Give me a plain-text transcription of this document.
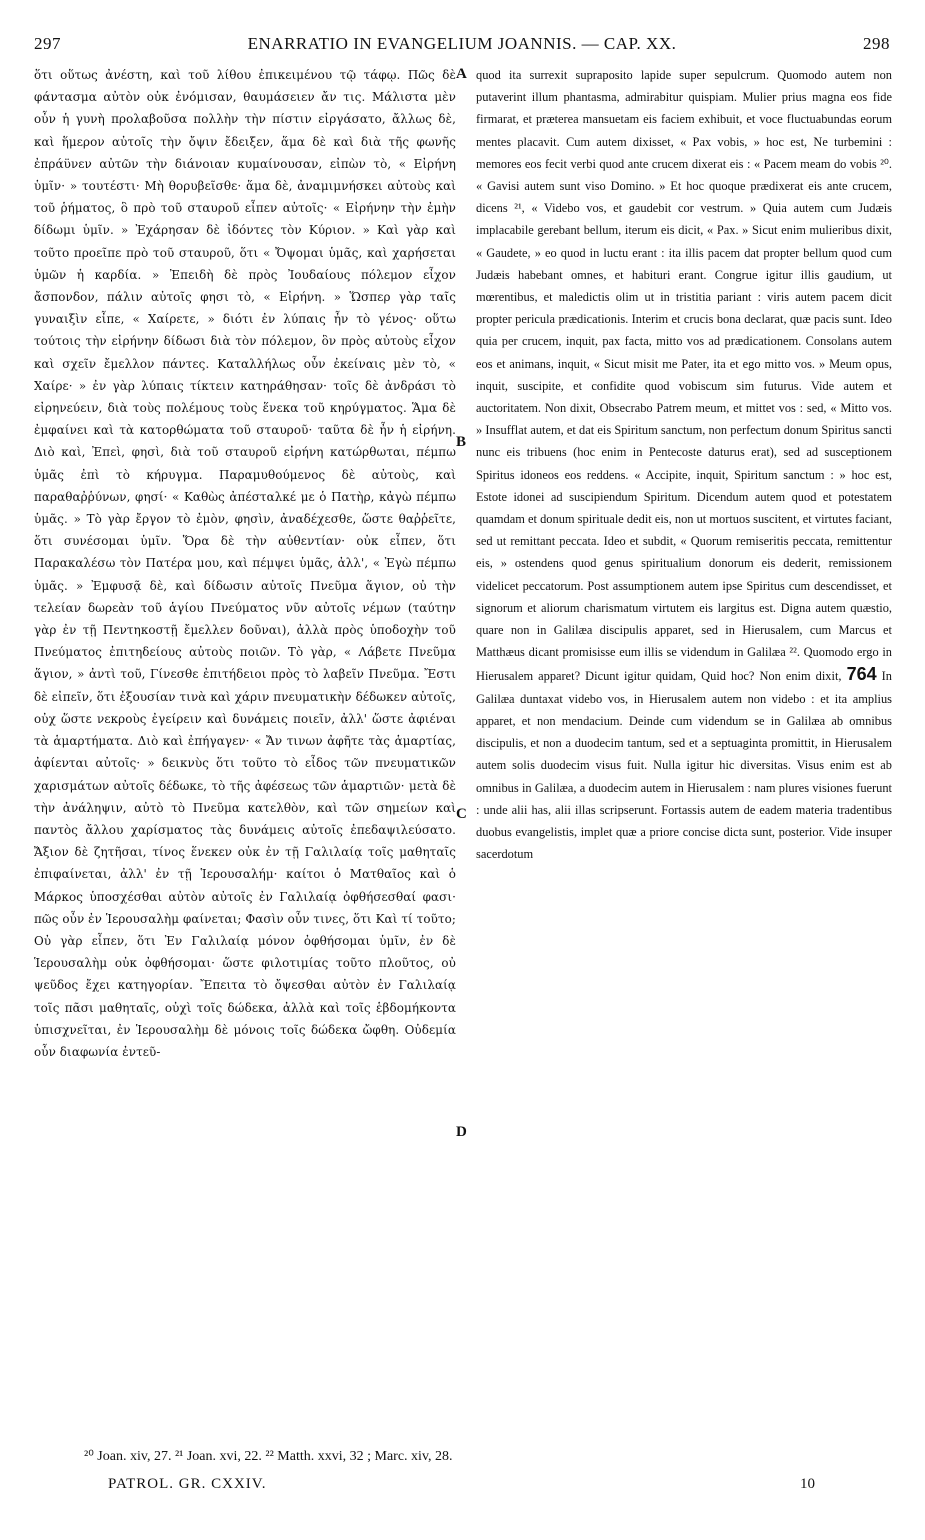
297	ENARRATIO IN EVANGELIUM JOANNIS. — CAP. XX.	298

ὅτι οὕτως ἀνέστη, καὶ τοῦ λίθου ἐπικειμένου τῷ τάφῳ. Πῶς δὲ φάντασμα αὐτὸν οὐκ ἐνόμισαν, θαυμάσειεν ἄν τις. Μάλιστα μὲν οὖν ἡ γυνὴ προλαβοῦσα πολλὴν τὴν πίστιν εἰργάσατο, ἄλλως δὲ, καὶ ἥμερον αὐτοῖς τὴν ὄψιν ἔδειξεν, ἅμα δὲ καὶ διὰ τῆς φωνῆς ἐπράϋνεν αὐτῶν τὴν διάνοιαν κυμαίνουσαν, εἰπὼν τὸ, « Εἰρήνη ὑμῖν· » τουτέστι· Μὴ θορυβεῖσθε· ἅμα δὲ, ἀναμιμνήσκει αὐτοὺς καὶ τοῦ ῥήματος, ὃ πρὸ τοῦ σταυροῦ εἶπεν αὐτοῖς· « Εἰρήνην τὴν ἐμὴν δίδωμι ὑμῖν. » Ἐχάρησαν δὲ ἰδόντες τὸν Κύριον. » Καὶ γὰρ καὶ τοῦτο προεῖπε πρὸ τοῦ σταυροῦ, ὅτι « Ὄψομαι ὑμᾶς, καὶ χαρήσεται ὑμῶν ἡ καρδία. » Ἐπειδὴ δὲ πρὸς Ἰουδαίους πόλεμον εἶχον ἄσπονδον, πάλιν αὐτοῖς φησι τὸ, « Εἰρήνη. » Ὥσπερ γὰρ ταῖς γυναιξὶν εἶπε, « Χαίρετε, » διότι ἐν λύπαις ἦν τὸ γένος· οὕτω τούτοις τὴν εἰρήνην δίδωσι διὰ τὸν πόλεμον, ὃν πρὸς αὐτοὺς εἶχον καὶ σχεῖν ἔμελλον πάντες. Καταλλήλως οὖν ἐκείναις μὲν τὸ, « Χαίρε· » ἐν γὰρ λύπαις τίκτειν κατηράθησαν· τοῖς δὲ ἀνδράσι τὸ εἰρηνεύειν, διὰ τοὺς πολέμους τοὺς ἕνεκα τοῦ κηρύγματος. Ἅμα δὲ ἐμφαίνει καὶ τὰ κατορθώματα τοῦ σταυροῦ· ταῦτα δὲ ἦν ἡ εἰρήνη. Διὸ καὶ, Ἐπεὶ, φησὶ, διὰ τοῦ σταυροῦ εἰρήνη κατώρθωται, πέμπω ὑμᾶς ἐπὶ τὸ κήρυγμα. Παραμυθούμενος δὲ αὐτοὺς, καὶ παραθαῤῥύνων, φησί· « Καθὼς ἀπέσταλκέ με ὁ Πατὴρ, κἀγὼ πέμπω ὑμᾶς. » Τὸ γὰρ ἔργον τὸ ἐμὸν, φησὶν, ἀναδέχεσθε, ὥστε θαῤῥεῖτε, ὅτι συνέσομαι ὑμῖν. Ὅρα δὲ τὴν αὐθεντίαν· οὐκ εἶπεν, ὅτι Παρακαλέσω τὸν Πατέρα μου, καὶ πέμψει ὑμᾶς, ἀλλ', « Ἐγὼ πέμπω ὑμᾶς. » Ἐμφυσᾷ δὲ, καὶ δίδωσιν αὐτοῖς Πνεῦμα ἅγιον, οὐ τὴν τελείαν δωρεὰν τοῦ ἁγίου Πνεύματος νῦν αὐτοῖς νέμων (ταύτην γὰρ ἐν τῇ Πεντηκοστῇ ἔμελλεν δοῦναι), ἀλλὰ πρὸς ὑποδοχὴν τοῦ Πνεύματος ἐπιτηδείους αὐτοὺς ποιῶν. Τὸ γὰρ, « Λάβετε Πνεῦμα ἅγιον, » ἀντὶ τοῦ, Γίνεσθε ἐπιτήδειοι πρὸς τὸ λαβεῖν Πνεῦμα. Ἔστι δὲ εἰπεῖν, ὅτι ἐξουσίαν τινὰ καὶ χάριν πνευματικὴν δέδωκεν αὐτοῖς, οὐχ ὥστε νεκροὺς ἐγείρειν καὶ δυνάμεις ποιεῖν, ἀλλ' ὥστε ἀφιέναι τὰ ἁμαρτήματα. Διὸ καὶ ἐπήγαγεν· « Ἄν τινων ἀφῆτε τὰς ἁμαρτίας, ἀφίενται αὐτοῖς· » δεικνὺς ὅτι τοῦτο τὸ εἶδος τῶν πνευματικῶν χαρισμάτων αὐτοῖς δέδωκε, τὸ τῆς ἀφέσεως τῶν ἁμαρτιῶν· μετὰ δὲ τὴν ἀνάληψιν, αὐτὸ τὸ Πνεῦμα κατελθὸν, καὶ τῶν σημείων καὶ παντὸς ἄλλου χαρίσματος τὰς δυνάμεις αὐτοῖς ἐπεδαψιλεύσατο. Ἄξιον δὲ ζητῆσαι, τίνος ἕνεκεν οὐκ ἐν τῇ Γαλιλαίᾳ τοῖς μαθηταῖς ἐπιφαίνεται, ἀλλ' ἐν τῇ Ἱερουσαλήμ· καίτοι ὁ Ματθαῖος καὶ ὁ Μάρκος ὑποσχέσθαι αὐτὸν αὐτοῖς ἐν Γαλιλαίᾳ ὀφθήσεσθαί φασι· πῶς οὖν ἐν Ἱερουσαλὴμ φαίνεται; Φασὶν οὖν τινες, ὅτι Καὶ τί τοῦτο; Οὐ γὰρ εἶπεν, ὅτι Ἐν Γαλιλαίᾳ μόνον ὀφθήσομαι ὑμῖν, ἐν δὲ Ἱερουσαλὴμ οὐκ ὀφθήσομαι· ὥστε φιλοτιμίας τοῦτο πλοῦτος, οὐ ψεῦδος ἔχει κατηγορίαν. Ἔπειτα τὸ ὄψεσθαι αὐτὸν ἐν Γαλιλαίᾳ τοῖς πᾶσι μαθηταῖς, οὐχὶ τοῖς δώδεκα, ἀλλὰ καὶ τοῖς ἑβδομήκοντα ὑπισχνεῖται, ἐν Ἱερουσαλὴμ δὲ μόνοις τοῖς δώδεκα ὤφθη. Οὐδεμία οὖν διαφωνία ἐντεῦ-

A
B
C
D

quod ita surrexit supraposito lapide super sepulcrum. Quomodo autem non putaverint illum phantasma, admirabitur quispiam. Mulier prius magna eos fide firmarat, et præterea mansuetam eis faciem exhibuit, et voce fluctuabundas eorum mentes placavit. Cum autem dixisset, « Pax vobis, » hoc est, Ne turbemini : memores eos fecit verbi quod ante crucem dixerat eis : « Pacem meam do vobis ²⁰. « Gavisi autem sunt viso Domino. » Et hoc quoque prædixerat eis ante crucem, dicens ²¹, « Videbo vos, et gaudebit cor vestrum. » Quia autem cum Judæis implacabile gerebant bellum, iterum eis dicit, « Pax. » Sicut enim mulieribus dixit, « Gaudete, » eo quod in luctu erant : ita illis pacem dat propter bellum quod cum Judæis habebant omnes, et habituri erant. Congrue igitur illis gaudium, ut mœrentibus, et maledictis olim ut in tristitia pariant : viris autem pacem dicit propter pericula prædicationis. Interim et crucis bona declarat, quæ pacis sunt. Ideo quia per crucem, inquit, pax facta, mitto vos ad prædicationem. Consolans autem eos et animans, inquit, « Sicut misit me Pater, ita et ego mitto vos. » Meum opus, inquit, suscipite, et confidite quod vobiscum sim futurus. Vide autem et auctoritatem. Non dixit, Obsecrabo Patrem meum, et mittet vos : sed, « Mitto vos. » Insufflat autem, et dat eis Spiritum sanctum, non perfectum donum Spiritus sancti nunc eis tribuens (hoc enim in Pentecoste daturus erat), sed ad susceptionem Spiritus idoneos eos reddens. « Accipite, inquit, Spiritum sanctum : » hoc est, Estote idonei ad suscipiendum Spiritum. Dicendum autem quod et potestatem quamdam et donum spirituale dedit eis, non ut mortuos suscitent, et virtutes faciant, sed ut remittant peccata. Ideo et subdit, « Quorum remiseritis peccata, remittentur eis, » ostendens quod genus spiritualium donorum eis dederit, remissionem videlicet peccatorum. Post assumptionem autem ipse Spiritus cum descendisset, et signorum et aliorum charismatum virtutem eis largitus est. Digna autem quæstio, quare non in Galilæa discipulis apparet, sed in Hierusalem, cum Marcus et Matthæus dicant promisisse eum illis se videndum in Galilæa ²². Quomodo ergo in Hierusalem apparet? Dicunt igitur quidam, Quid hoc? Non enim dixit, 764 In Galilæa duntaxat videbo vos, in Hierusalem autem non videbo : et ita amplius apparet, et non mendacium. Deinde cum videndum se in Galilæa ab omnibus discipulis, et non a duodecim tantum, sed et a septuaginta promittit, in Hierusalem autem solis duodecim visus fuit. Nulla igitur hic diversitas. Visus enim est ab omnibus in Galilæa, a duodecim autem in Hierusalem : nam plures visiones fuerunt : unde alii has, alii illas scripserunt. Fortassis autem de eadem materia tradentibus duobus evangelistis, implet quæ a priore concise dicta sunt, posterior. Vide insuper sacerdotum

²⁰ Joan. xiv, 27. ²¹ Joan. xvi, 22. ²² Matth. xxvi, 32 ; Marc. xiv, 28.
PATROL. GR. CXXIV.	10
